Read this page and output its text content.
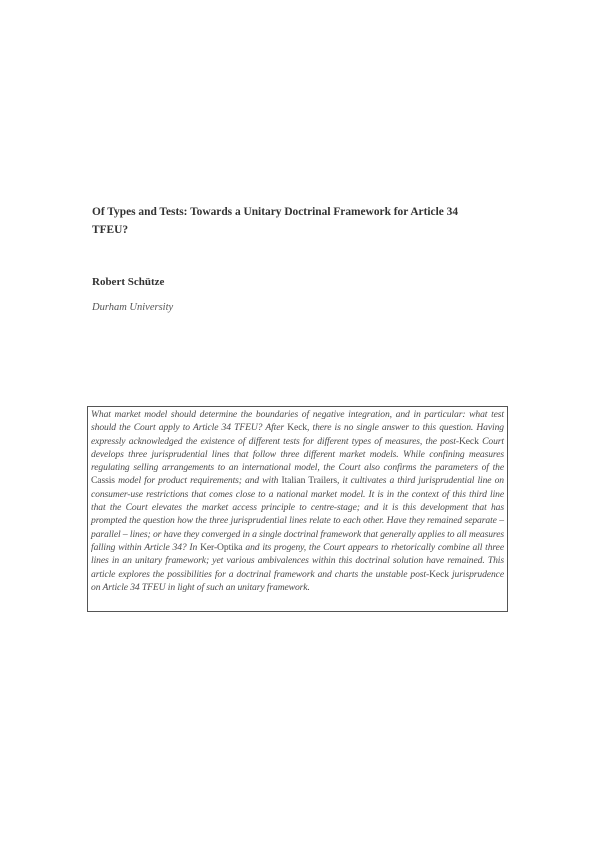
Of Types and Tests: Towards a Unitary Doctrinal Framework for Article 34 TFEU?

Robert Schütze

Durham University

What market model should determine the boundaries of negative integration, and in particular: what test should the Court apply to Article 34 TFEU? After Keck, there is no single answer to this question. Having expressly acknowledged the existence of different tests for different types of measures, the post-Keck Court develops three jurisprudential lines that follow three different market models. While confining measures regulating selling arrangements to an international model, the Court also confirms the parameters of the Cassis model for product requirements; and with Italian Trailers, it cultivates a third jurisprudential line on consumer-use restrictions that comes close to a national market model. It is in the context of this third line that the Court elevates the market access principle to centre-stage; and it is this development that has prompted the question how the three jurisprudential lines relate to each other. Have they remained separate – parallel – lines; or have they converged in a single doctrinal framework that generally applies to all measures falling within Article 34? In Ker-Optika and its progeny, the Court appears to rhetorically combine all three lines in an unitary framework; yet various ambivalences within this doctrinal solution have remained. This article explores the possibilities for a doctrinal framework and charts the unstable post-Keck jurisprudence on Article 34 TFEU in light of such an unitary framework.
